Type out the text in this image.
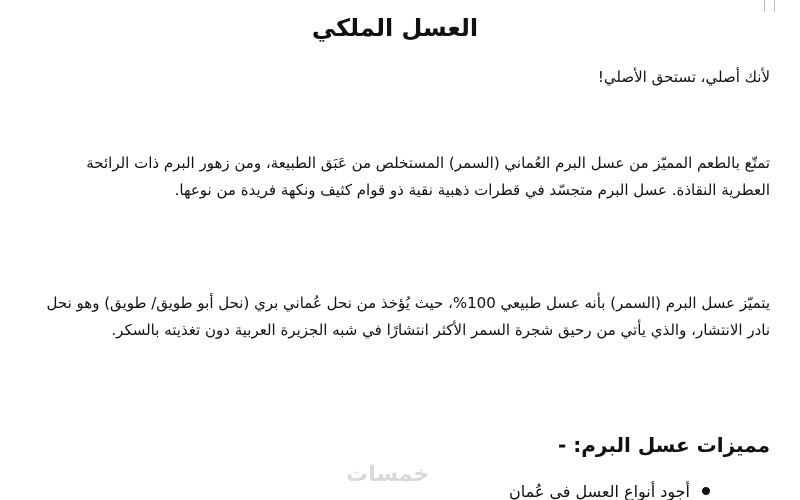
العسل الملكي

لأنك أصلي، تستحق الأصلي!

تمتّع بالطعم المميّز من عسل البرم العُماني (السمر) المستخلص من عَبَق الطبيعة، ومن زهور البرم ذات الرائحة العطرية النقاذة. عسل البرم متجسّد في قطرات ذهبية نقية ذو قوام كثيف ونكهة فريدة من نوعها.

يتميّز عسل البرم (السمر) بأنه عسل طبيعي 100%، حيث يُؤخذ من نحل عُماني بري (نحل أبو طويق/ طويق) وهو نحل نادر الانتشار، والذي يأتي من رحيق شجرة السمر الأكثر انتشارًا في شبه الجزيرة العربية دون تغذيته بالسكر.

مميزات عسل البرم: -
أجود أنواع العسل في عُمان
خمسات
